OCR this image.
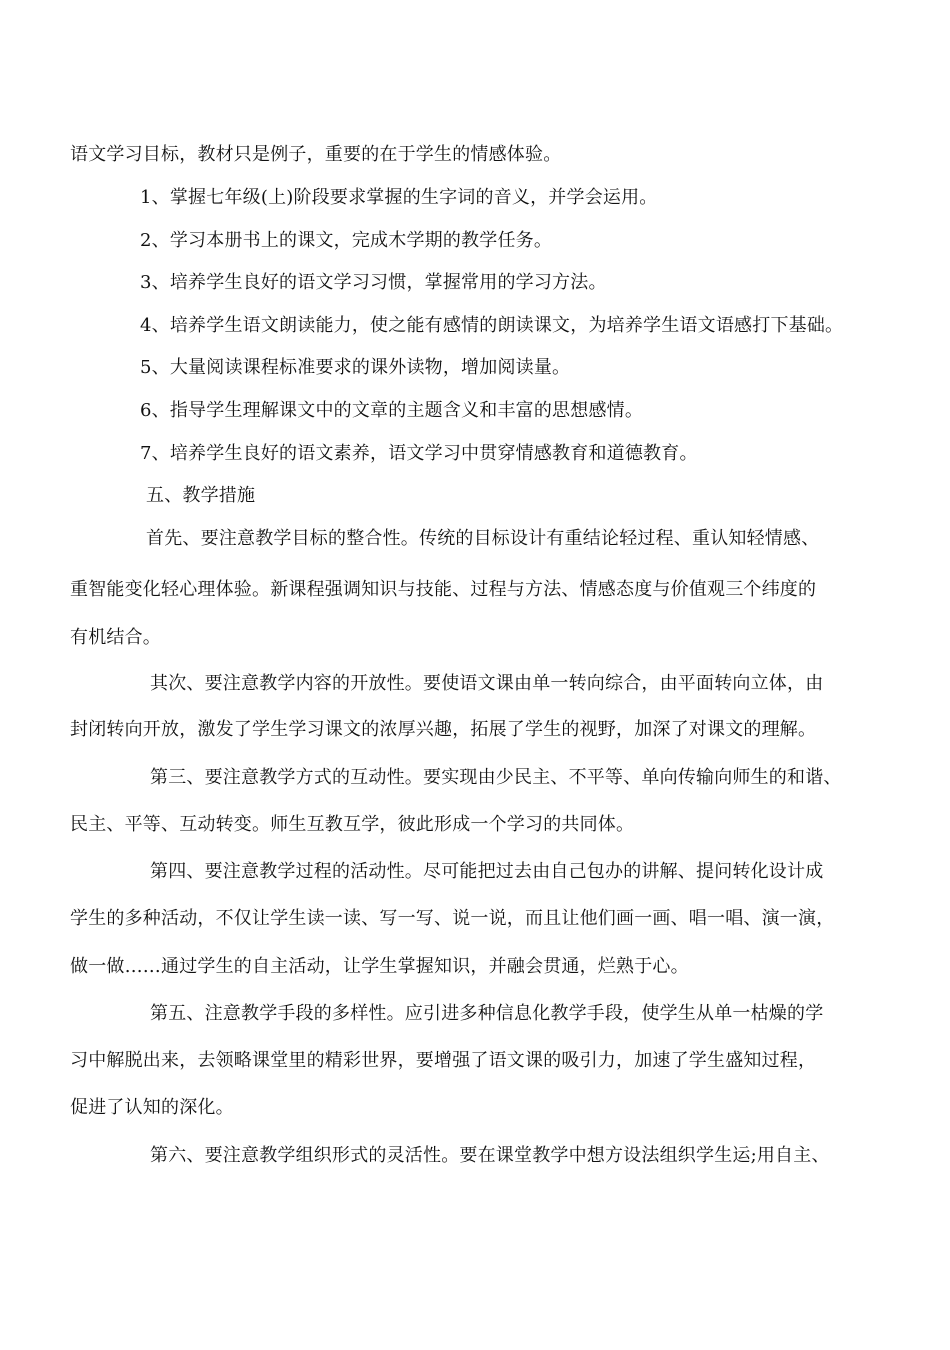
语文学习目标，教材只是例子，重要的在于学生的情感体验。
1、掌握七年级(上)阶段要求掌握的生字词的音义，并学会运用。
2、学习本册书上的课文，完成木学期的教学任务。
3、培养学生良好的语文学习习惯，掌握常用的学习方法。
4、培养学生语文朗读能力，使之能有感情的朗读课文，为培养学生语文语感打下基础。
5、大量阅读课程标准要求的课外读物，增加阅读量。
6、指导学生理解课文中的文章的主题含义和丰富的思想感情。
7、培养学生良好的语文素养，语文学习中贯穿情感教育和道德教育。
五、教学措施
首先、要注意教学目标的整合性。传统的目标设计有重结论轻过程、重认知轻情感、
重智能变化轻心理体验。新课程强调知识与技能、过程与方法、情感态度与价值观三个纬度的
有机结合。
其次、要注意教学内容的开放性。要使语文课由单一转向综合，由平面转向立体，由
封闭转向开放，激发了学生学习课文的浓厚兴趣，拓展了学生的视野，加深了对课文的理解。
第三、要注意教学方式的互动性。要实现由少民主、不平等、单向传输向师生的和谐、
民主、平等、互动转变。师生互教互学，彼此形成一个学习的共同体。
第四、要注意教学过程的活动性。尽可能把过去由自己包办的讲解、提问转化设计成
学生的多种活动，不仅让学生读一读、写一写、说一说，而且让他们画一画、唱一唱、演一演，
做一做……通过学生的自主活动，让学生掌握知识，并融会贯通，烂熟于心。
第五、注意教学手段的多样性。应引进多种信息化教学手段，使学生从单一枯燥的学
习中解脱出来，去领略课堂里的精彩世界，要增强了语文课的吸引力，加速了学生盛知过程，
促进了认知的深化。
第六、要注意教学组织形式的灵活性。要在课堂教学中想方设法组织学生运;用自主、
